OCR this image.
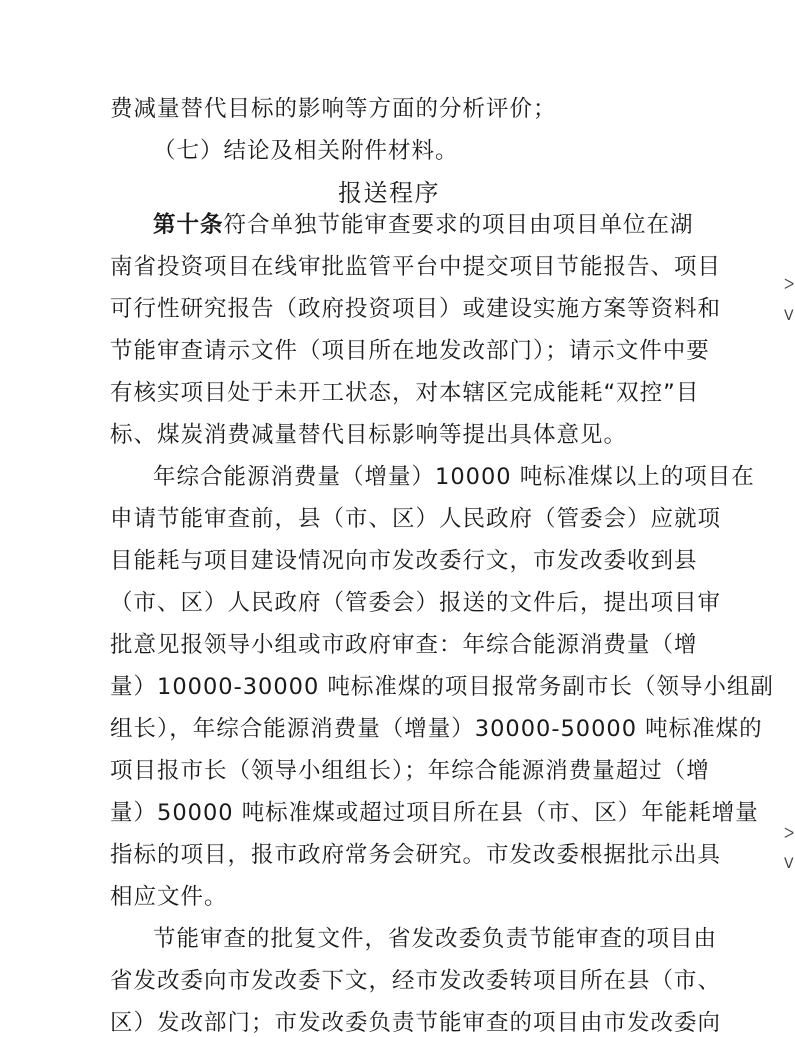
费减量替代目标的影响等方面的分析评价；
（七）结论及相关附件材料。
报送程序
第十条符合单独节能审查要求的项目由项目单位在湖
南省投资项目在线审批监管平台中提交项目节能报告、项目
可行性研究报告（政府投资项目）或建设实施方案等资料和
节能审查请示文件（项目所在地发改部门）；请示文件中要
有核实项目处于未开工状态，对本辖区完成能耗“双控”目
标、煤炭消费减量替代目标影响等提出具体意见。
年综合能源消费量（增量）10000 吨标准煤以上的项目在
申请节能审查前，县（市、区）人民政府（管委会）应就项
目能耗与项目建设情况向市发改委行文，市发改委收到县
（市、区）人民政府（管委会）报送的文件后，提出项目审
批意见报领导小组或市政府审查：年综合能源消费量（增
量）10000-30000 吨标准煤的项目报常务副市长（领导小组副
组长），年综合能源消费量（增量）30000-50000 吨标准煤的
项目报市长（领导小组组长）；年综合能源消费量超过（增
量）50000 吨标准煤或超过项目所在县（市、区）年能耗增量
指标的项目，报市政府常务会研究。市发改委根据批示出具
相应文件。
节能审查的批复文件，省发改委负责节能审查的项目由
省发改委向市发改委下文，经市发改委转项目所在县（市、
区）发改部门；市发改委负责节能审查的项目由市发改委向
ᐳ
ᐯ
ᐳ
ᐯ
